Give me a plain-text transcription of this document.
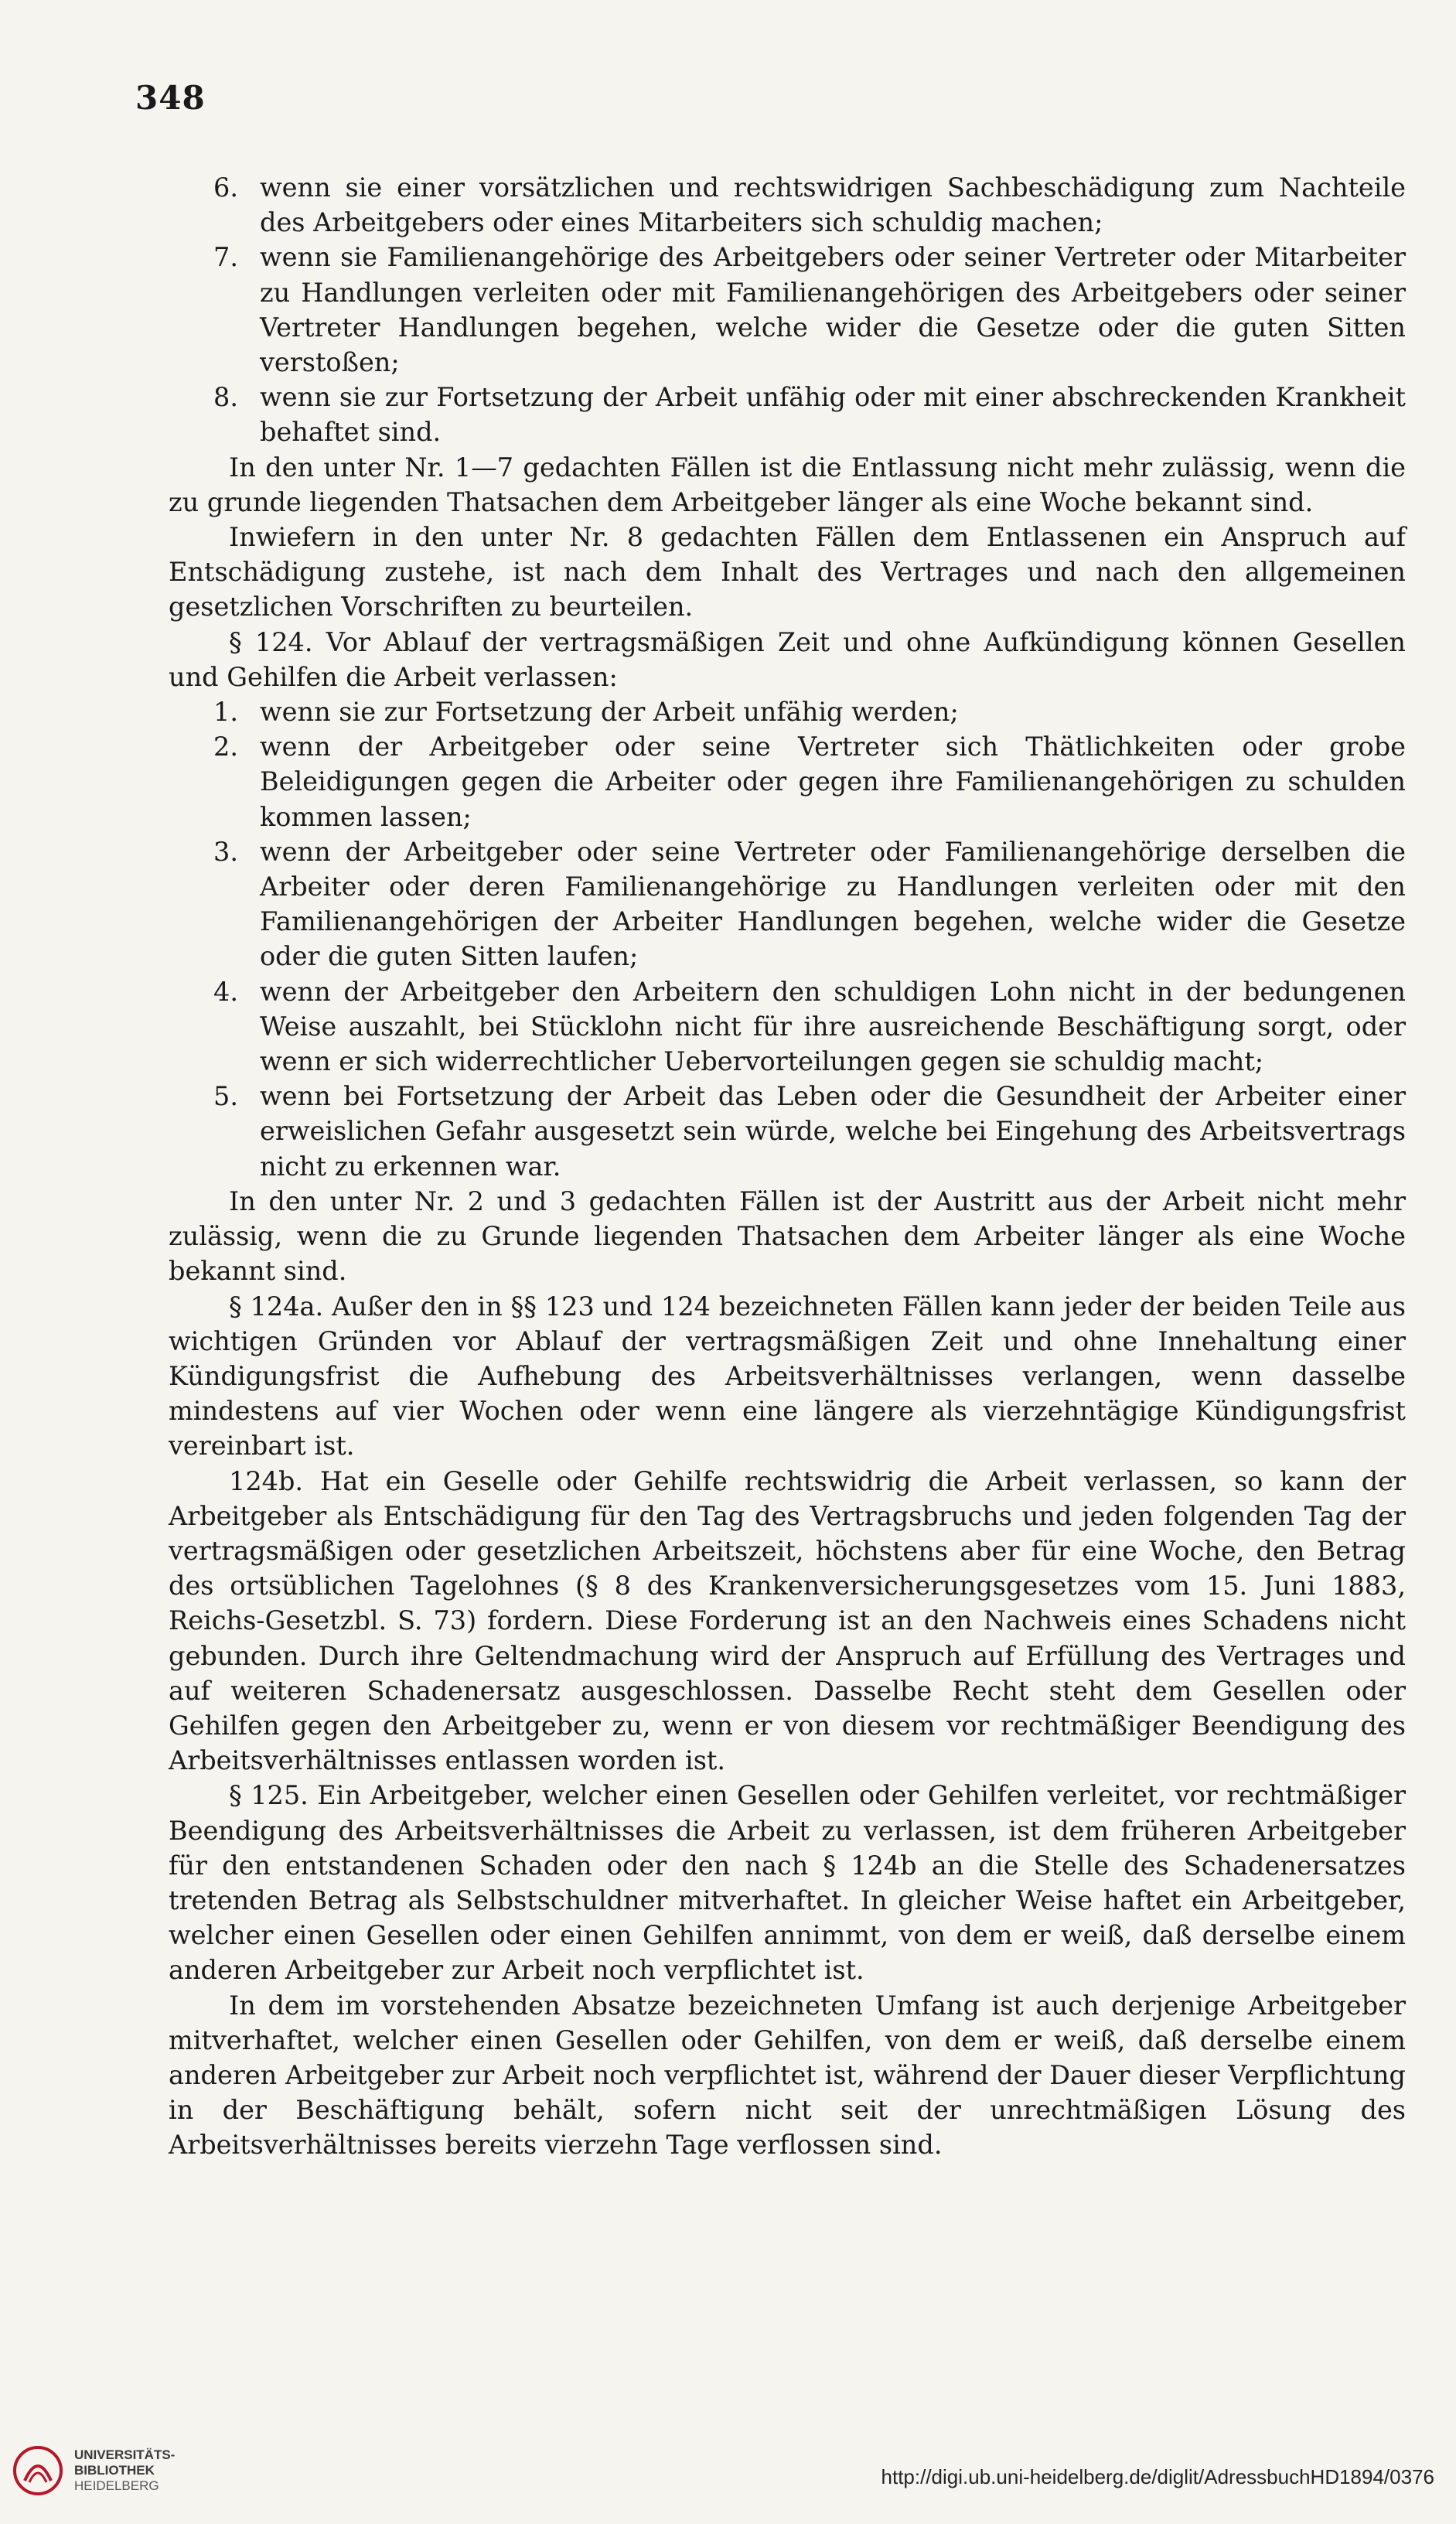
348
6. wenn sie einer vorsätzlichen und rechtswidrigen Sachbeschädigung zum Nachteile des Arbeitgebers oder eines Mitarbeiters sich schuldig machen;
7. wenn sie Familienangehörige des Arbeitgebers oder seiner Vertreter oder Mitarbeiter zu Handlungen verleiten oder mit Familienangehörigen des Arbeitgebers oder seiner Vertreter Handlungen begehen, welche wider die Gesetze oder die guten Sitten verstoßen;
8. wenn sie zur Fortsetzung der Arbeit unfähig oder mit einer abschreckenden Krankheit behaftet sind.

In den unter Nr. 1—7 gedachten Fällen ist die Entlassung nicht mehr zulässig, wenn die zu grunde liegenden Thatsachen dem Arbeitgeber länger als eine Woche bekannt sind.

Inwiefern in den unter Nr. 8 gedachten Fällen dem Entlassenen ein Anspruch auf Entschädigung zustehe, ist nach dem Inhalt des Vertrages und nach den allgemeinen gesetzlichen Vorschriften zu beurteilen.

§ 124. Vor Ablauf der vertragsmäßigen Zeit und ohne Aufkündigung können Gesellen und Gehilfen die Arbeit verlassen:

1. wenn sie zur Fortsetzung der Arbeit unfähig werden;
2. wenn der Arbeitgeber oder seine Vertreter sich Thätlichkeiten oder grobe Beleidigungen gegen die Arbeiter oder gegen ihre Familienangehörigen zu schulden kommen lassen;
3. wenn der Arbeitgeber oder seine Vertreter oder Familienangehörige derselben die Arbeiter oder deren Familienangehörige zu Handlungen verleiten oder mit den Familienangehörigen der Arbeiter Handlungen begehen, welche wider die Gesetze oder die guten Sitten laufen;
4. wenn der Arbeitgeber den Arbeitern den schuldigen Lohn nicht in der bedungenen Weise auszahlt, bei Stücklohn nicht für ihre ausreichende Beschäftigung sorgt, oder wenn er sich widerrechtlicher Uebervorteilungen gegen sie schuldig macht;
5. wenn bei Fortsetzung der Arbeit das Leben oder die Gesundheit der Arbeiter einer erweislichen Gefahr ausgesetzt sein würde, welche bei Eingehung des Arbeitsvertrags nicht zu erkennen war.

In den unter Nr. 2 und 3 gedachten Fällen ist der Austritt aus der Arbeit nicht mehr zulässig, wenn die zu Grunde liegenden Thatsachen dem Arbeiter länger als eine Woche bekannt sind.

§ 124a. Außer den in §§ 123 und 124 bezeichneten Fällen kann jeder der beiden Teile aus wichtigen Gründen vor Ablauf der vertragsmäßigen Zeit und ohne Innehaltung einer Kündigungsfrist die Aufhebung des Arbeitsverhältnisses verlangen, wenn dasselbe mindestens auf vier Wochen oder wenn eine längere als vierzehntägige Kündigungsfrist vereinbart ist.

124b. Hat ein Geselle oder Gehilfe rechtswidrig die Arbeit verlassen, so kann der Arbeitgeber als Entschädigung für den Tag des Vertragsbruchs und jeden folgenden Tag der vertragsmäßigen oder gesetzlichen Arbeitszeit, höchstens aber für eine Woche, den Betrag des ortsüblichen Tagelohnes (§ 8 des Krankenversicherungsgesetzes vom 15. Juni 1883, Reichs-Gesetzbl. S. 73) fordern. Diese Forderung ist an den Nachweis eines Schadens nicht gebunden. Durch ihre Geltendmachung wird der Anspruch auf Erfüllung des Vertrages und auf weiteren Schadenersatz ausgeschlossen. Dasselbe Recht steht dem Gesellen oder Gehilfen gegen den Arbeitgeber zu, wenn er von diesem vor rechtmäßiger Beendigung des Arbeitsverhältnisses entlassen worden ist.

§ 125. Ein Arbeitgeber, welcher einen Gesellen oder Gehilfen verleitet, vor rechtmäßiger Beendigung des Arbeitsverhältnisses die Arbeit zu verlassen, ist dem früheren Arbeitgeber für den entstandenen Schaden oder den nach § 124b an die Stelle des Schadenersatzes tretenden Betrag als Selbstschuldner mitverhaftet. In gleicher Weise haftet ein Arbeitgeber, welcher einen Gesellen oder einen Gehilfen annimmt, von dem er weiß, daß derselbe einem anderen Arbeitgeber zur Arbeit noch verpflichtet ist.

In dem im vorstehenden Absatze bezeichneten Umfang ist auch derjenige Arbeitgeber mitverhaftet, welcher einen Gesellen oder Gehilfen, von dem er weiß, daß derselbe einem anderen Arbeitgeber zur Arbeit noch verpflichtet ist, während der Dauer dieser Verpflichtung in der Beschäftigung behält, sofern nicht seit der unrechtmäßigen Lösung des Arbeitsverhältnisses bereits vierzehn Tage verflossen sind.

UNIVERSITÄTS-
BIBLIOTHEK
HEIDELBERG	http://digi.ub.uni-heidelberg.de/diglit/AdressbuchHD1894/0376
